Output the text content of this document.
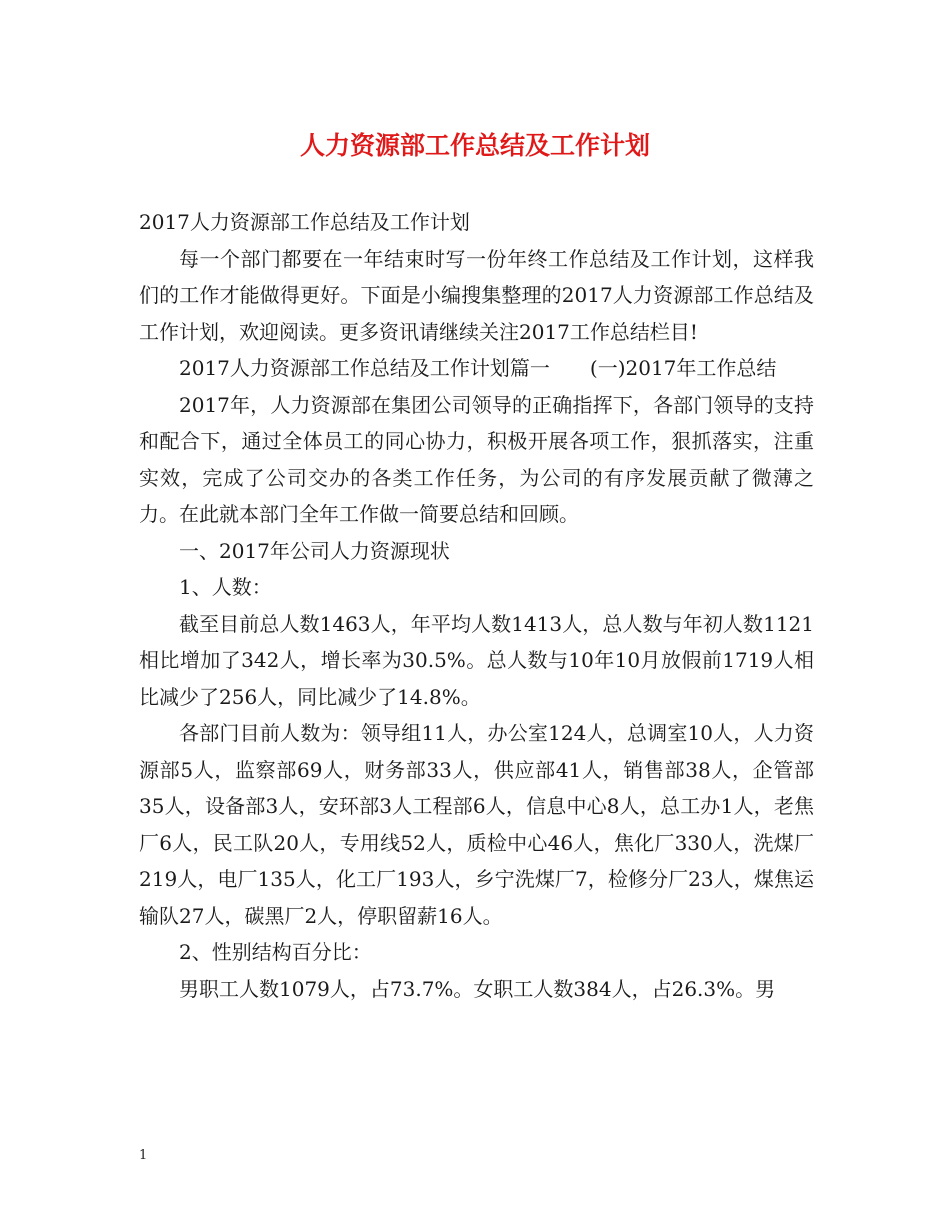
人力资源部工作总结及工作计划

2017人力资源部工作总结及工作计划

每一个部门都要在一年结束时写一份年终工作总结及工作计划，这样我们的工作才能做得更好。下面是小编搜集整理的2017人力资源部工作总结及工作计划，欢迎阅读。更多资讯请继续关注2017工作总结栏目!

2017人力资源部工作总结及工作计划篇一　　(一)2017年工作总结

2017年，人力资源部在集团公司领导的正确指挥下，各部门领导的支持和配合下，通过全体员工的同心协力，积极开展各项工作，狠抓落实，注重实效，完成了公司交办的各类工作任务，为公司的有序发展贡献了微薄之力。在此就本部门全年工作做一简要总结和回顾。

一、2017年公司人力资源现状

1、人数：

截至目前总人数1463人，年平均人数1413人，总人数与年初人数1121相比增加了342人，增长率为30.5%。总人数与10年10月放假前1719人相比减少了256人，同比减少了14.8%。

各部门目前人数为：领导组11人，办公室124人，总调室10人，人力资源部5人，监察部69人，财务部33人，供应部41人，销售部38人，企管部35人，设备部3人，安环部3人工程部6人，信息中心8人，总工办1人，老焦厂6人，民工队20人，专用线52人，质检中心46人，焦化厂330人，洗煤厂219人，电厂135人，化工厂193人，乡宁洗煤厂7，检修分厂23人，煤焦运输队27人，碳黑厂2人，停职留薪16人。

2、性别结构百分比：

男职工人数1079人，占73.7%。女职工人数384人，占26.3%。男

1
